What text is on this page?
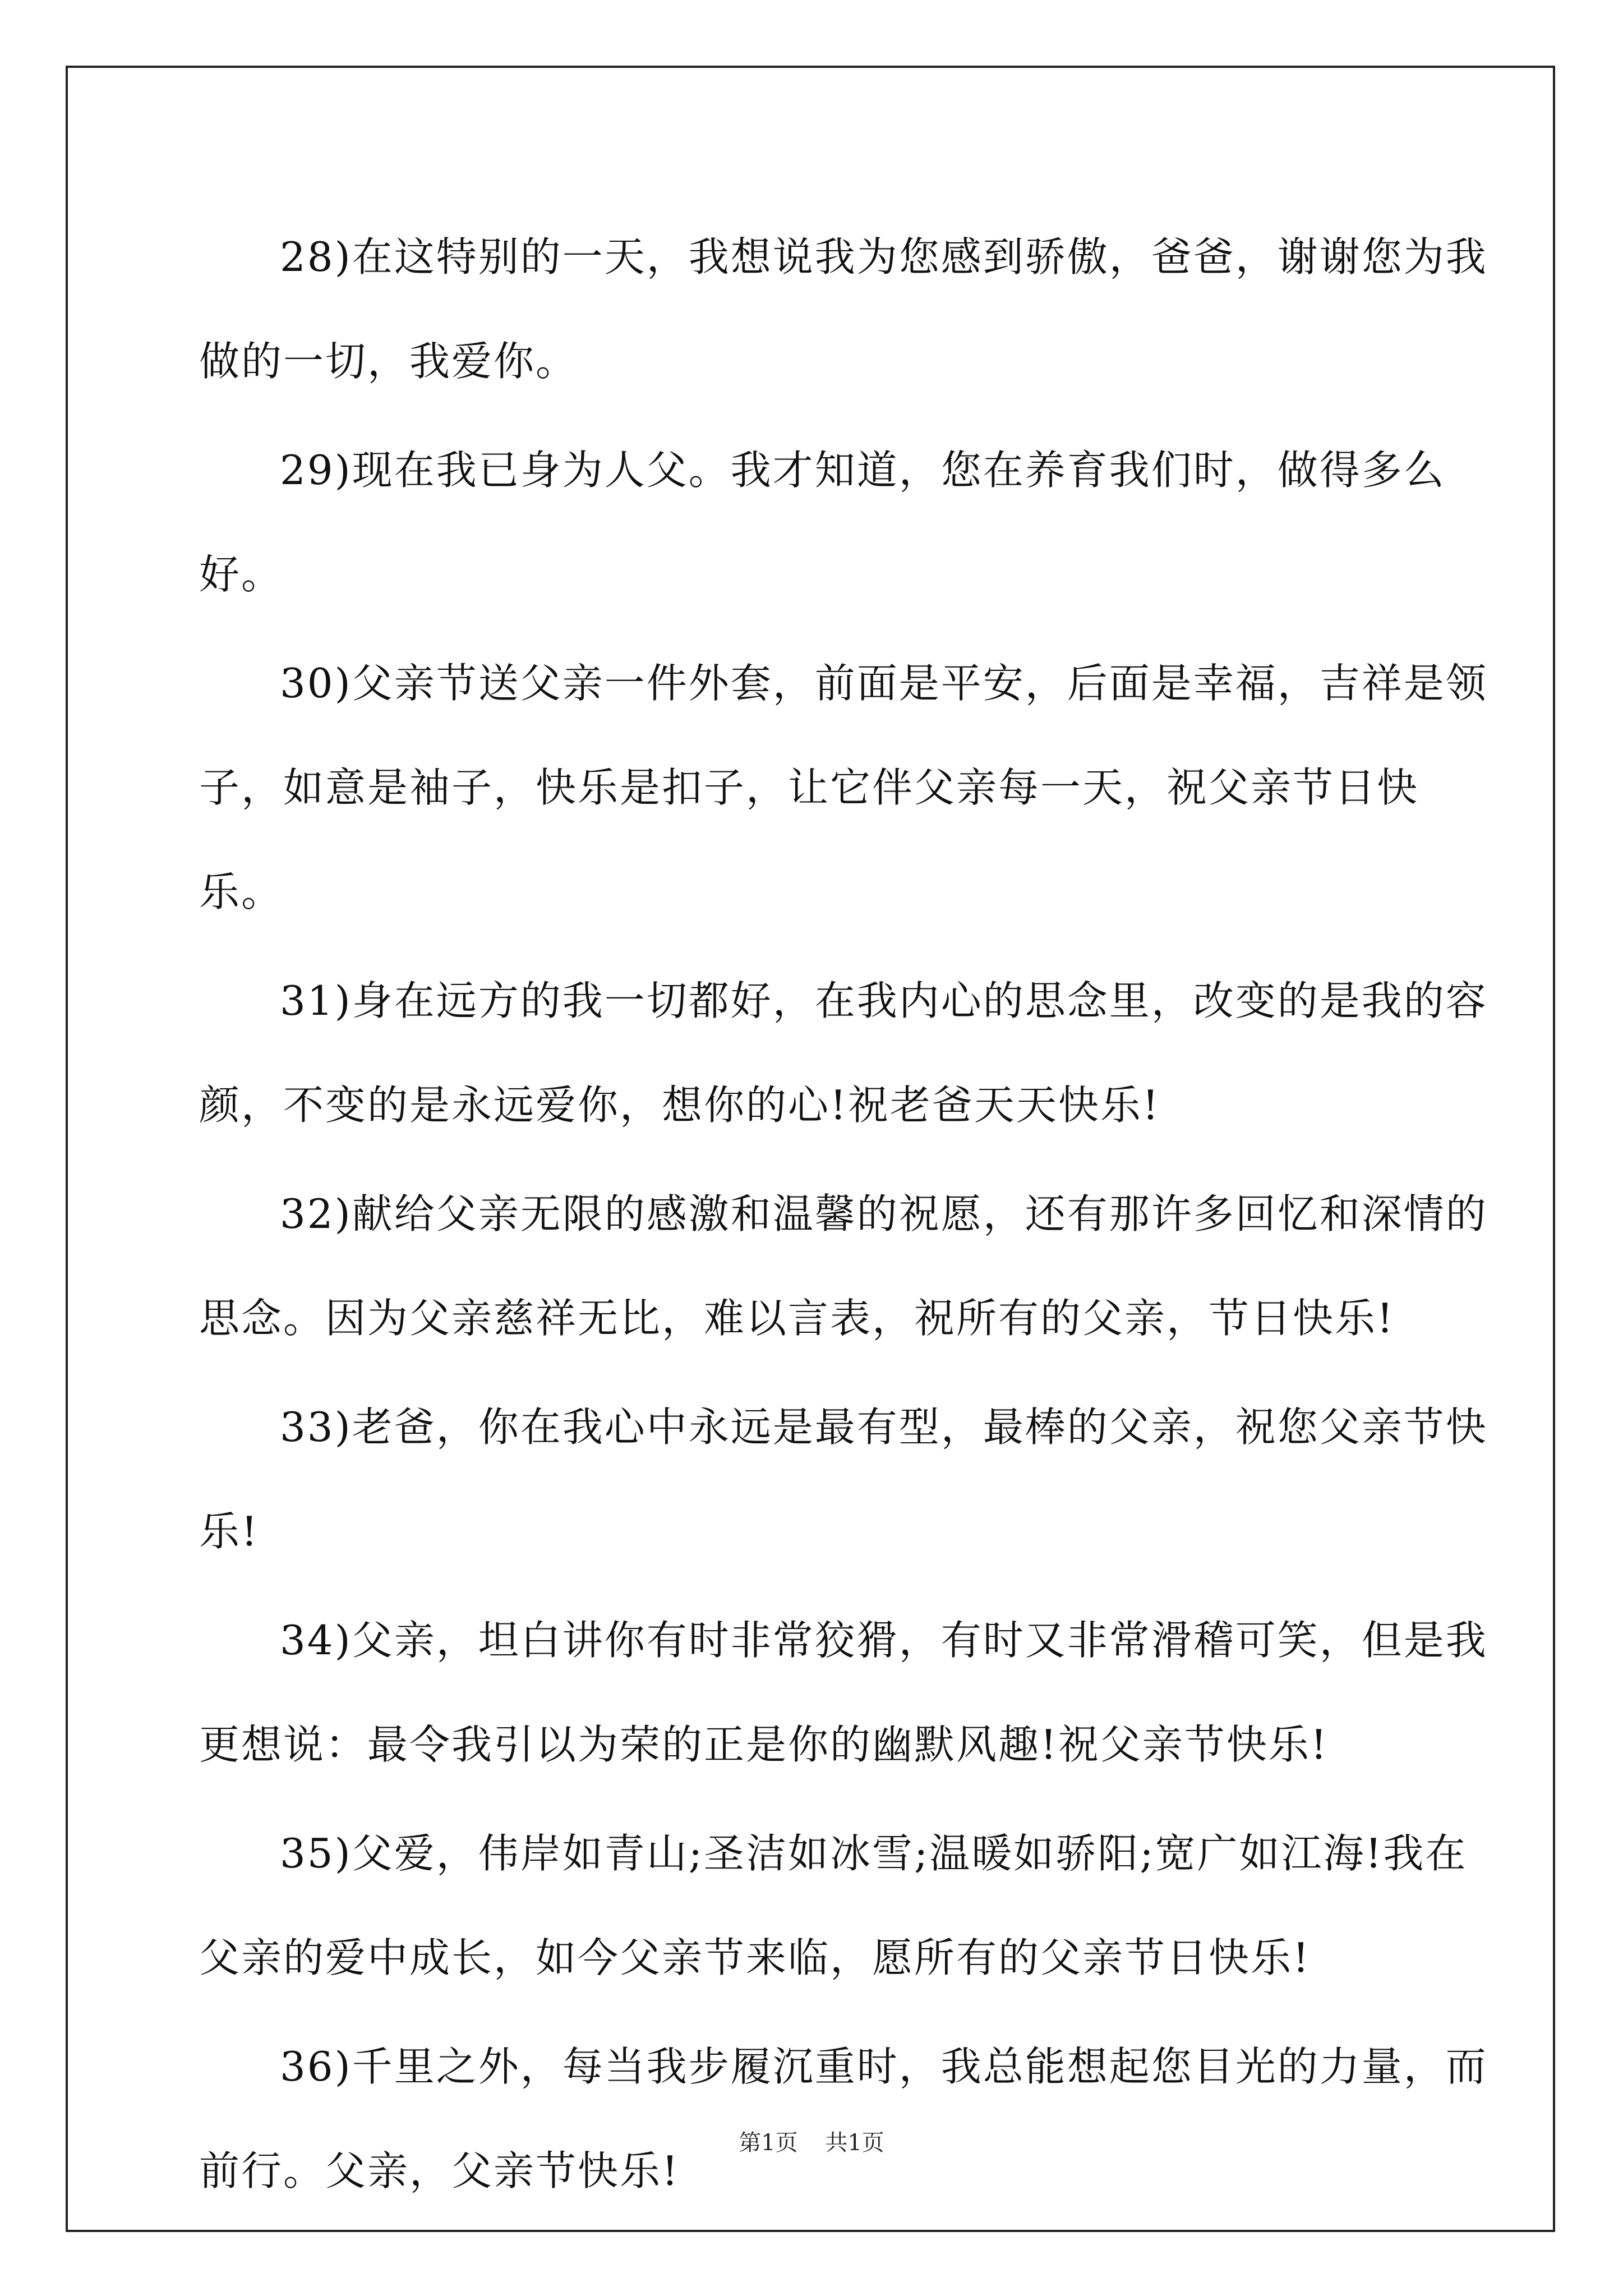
28)在这特别的一天，我想说我为您感到骄傲，爸爸，谢谢您为我做的一切，我爱你。

29)现在我已身为人父。我才知道，您在养育我们时，做得多么好。

30)父亲节送父亲一件外套，前面是平安，后面是幸福，吉祥是领子，如意是袖子，快乐是扣子，让它伴父亲每一天，祝父亲节日快乐。

31)身在远方的我一切都好，在我内心的思念里，改变的是我的容颜，不变的是永远爱你，想你的心!祝老爸天天快乐!

32)献给父亲无限的感激和温馨的祝愿，还有那许多回忆和深情的思念。因为父亲慈祥无比，难以言表，祝所有的父亲，节日快乐!

33)老爸，你在我心中永远是最有型，最棒的父亲，祝您父亲节快乐!

34)父亲，坦白讲你有时非常狡猾，有时又非常滑稽可笑，但是我更想说：最令我引以为荣的正是你的幽默风趣!祝父亲节快乐!

35)父爱，伟岸如青山;圣洁如冰雪;温暖如骄阳;宽广如江海!我在父亲的爱中成长，如今父亲节来临，愿所有的父亲节日快乐!

36)千里之外，每当我步履沉重时，我总能想起您目光的力量，而前行。父亲，父亲节快乐!

第1页 共1页
